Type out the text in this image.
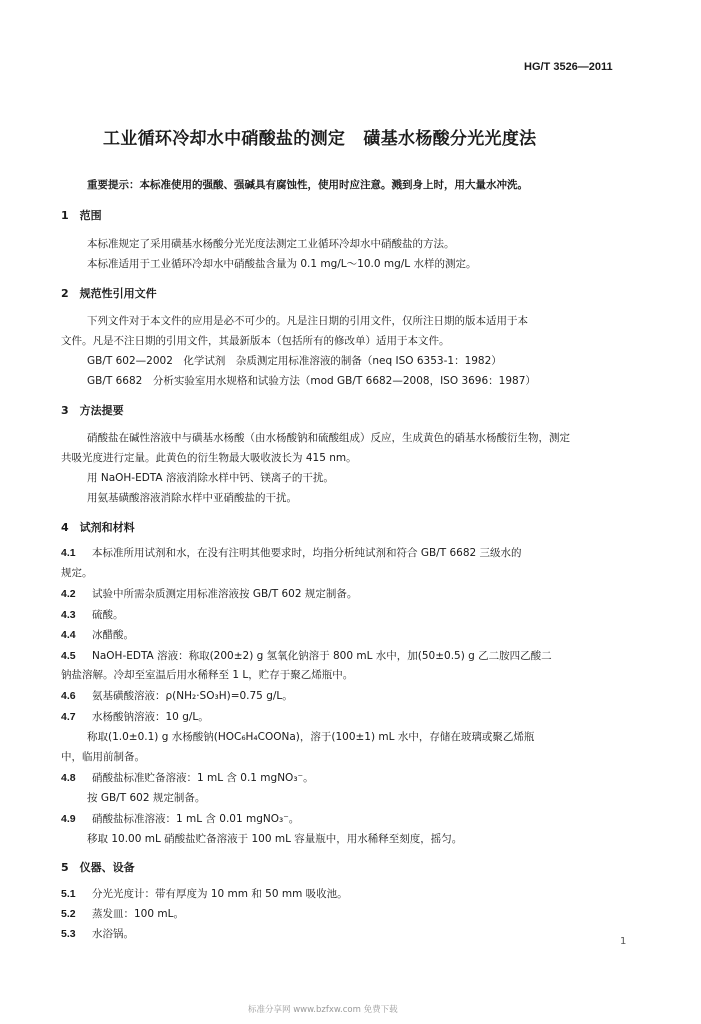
HG/T 3526—2011
工业循环冷却水中硝酸盐的测定 磺基水杨酸分光光度法
重要提示：本标准使用的强酸、强碱具有腐蚀性，使用时应注意。溅到身上时，用大量水冲洗。
1　范围
本标准规定了采用磺基水杨酸分光光度法测定工业循环冷却水中硝酸盐的方法。
本标准适用于工业循环冷却水中硝酸盐含量为 0.1 mg/L～10.0 mg/L 水样的测定。
2　规范性引用文件
下列文件对于本文件的应用是必不可少的。凡是注日期的引用文件，仅所注日期的版本适用于本
文件。凡是不注日期的引用文件，其最新版本（包括所有的修改单）适用于本文件。
GB/T 602—2002　化学试剂　杂质测定用标准溶液的制备（neq ISO 6353-1：1982）
GB/T 6682　分析实验室用水规格和试验方法（mod GB/T 6682—2008，ISO 3696：1987）
3　方法提要
硝酸盐在碱性溶液中与磺基水杨酸（由水杨酸钠和硫酸组成）反应，生成黄色的硝基水杨酸衍生物，测定
共吸光度进行定量。此黄色的衍生物最大吸收波长为 415 nm。
用 NaOH-EDTA 溶液消除水样中钙、镁离子的干扰。
用氨基磺酸溶液消除水样中亚硝酸盐的干扰。
4　试剂和材料
4.1 本标准所用试剂和水，在没有注明其他要求时，均指分析纯试剂和符合 GB/T 6682 三级水的
规定。
4.2 试验中所需杂质测定用标准溶液按 GB/T 602 规定制备。
4.3 硫酸。
4.4 冰醋酸。
4.5 NaOH-EDTA 溶液：称取(200±2) g 氢氧化钠溶于 800 mL 水中，加(50±0.5) g 乙二胺四乙酸二
钠盐溶解。冷却至室温后用水稀释至 1 L，贮存于聚乙烯瓶中。
4.6 氨基磺酸溶液：ρ(NH₂·SO₃H)=0.75 g/L。
4.7 水杨酸钠溶液：10 g/L。
称取(1.0±0.1) g 水杨酸钠(HOC₆H₄COONa)，溶于(100±1) mL 水中，存储在玻璃或聚乙烯瓶
中，临用前制备。
4.8 硝酸盐标准贮备溶液：1 mL 含 0.1 mgNO₃⁻。
按 GB/T 602 规定制备。
4.9 硝酸盐标准溶液：1 mL 含 0.01 mgNO₃⁻。
移取 10.00 mL 硝酸盐贮备溶液于 100 mL 容量瓶中，用水稀释至刻度，摇匀。
5　仪器、设备
5.1 分光光度计：带有厚度为 10 mm 和 50 mm 吸收池。
5.2 蒸发皿：100 mL。
5.3 水浴锅。
1
标准分享网 www.bzfxw.com 免费下载
